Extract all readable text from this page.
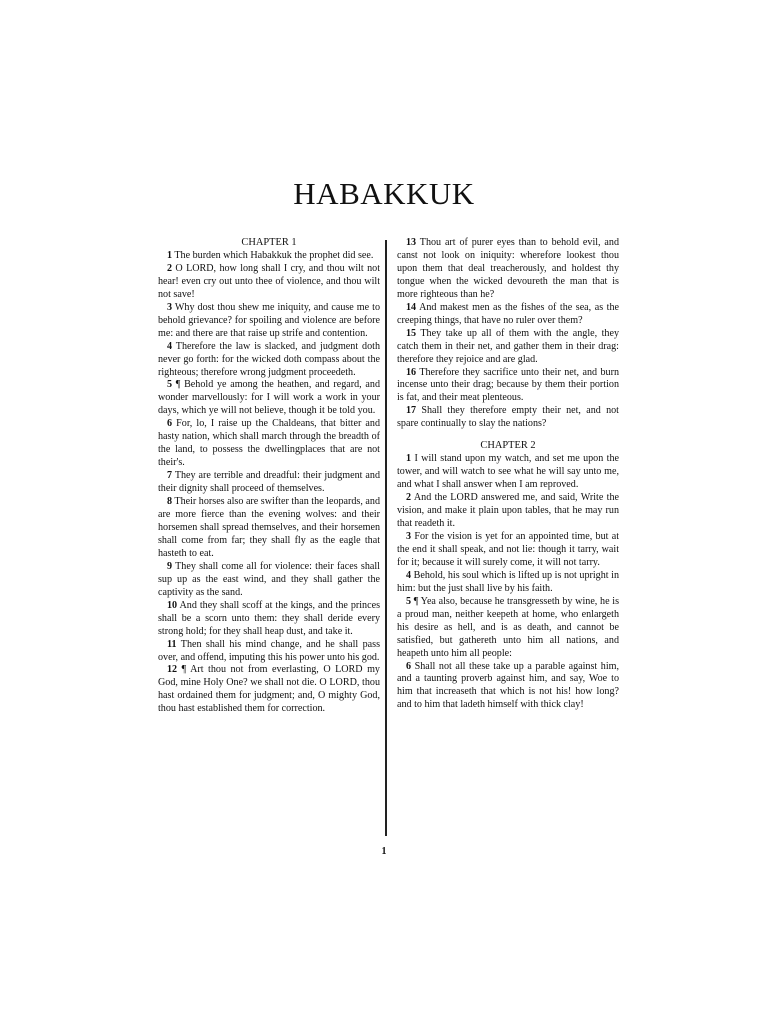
HABAKKUK

CHAPTER 1

1 The burden which Habakkuk the prophet did see.

2 O LORD, how long shall I cry, and thou wilt not hear! even cry out unto thee of violence, and thou wilt not save!

3 Why dost thou shew me iniquity, and cause me to behold grievance? for spoiling and violence are before me: and there are that raise up strife and contention.

4 Therefore the law is slacked, and judgment doth never go forth: for the wicked doth compass about the righteous; therefore wrong judgment proceedeth.

5 ¶ Behold ye among the heathen, and regard, and wonder marvellously: for I will work a work in your days, which ye will not believe, though it be told you.

6 For, lo, I raise up the Chaldeans, that bitter and hasty nation, which shall march through the breadth of the land, to possess the dwellingplaces that are not their's.

7 They are terrible and dreadful: their judgment and their dignity shall proceed of themselves.

8 Their horses also are swifter than the leopards, and are more fierce than the evening wolves: and their horsemen shall spread themselves, and their horsemen shall come from far; they shall fly as the eagle that hasteth to eat.

9 They shall come all for violence: their faces shall sup up as the east wind, and they shall gather the captivity as the sand.

10 And they shall scoff at the kings, and the princes shall be a scorn unto them: they shall deride every strong hold; for they shall heap dust, and take it.

11 Then shall his mind change, and he shall pass over, and offend, imputing this his power unto his god.

12 ¶ Art thou not from everlasting, O LORD my God, mine Holy One? we shall not die. O LORD, thou hast ordained them for judgment; and, O mighty God, thou hast established them for correction.

13 Thou art of purer eyes than to behold evil, and canst not look on iniquity: wherefore lookest thou upon them that deal treacherously, and holdest thy tongue when the wicked devoureth the man that is more righteous than he?

14 And makest men as the fishes of the sea, as the creeping things, that have no ruler over them?

15 They take up all of them with the angle, they catch them in their net, and gather them in their drag: therefore they rejoice and are glad.

16 Therefore they sacrifice unto their net, and burn incense unto their drag; because by them their portion is fat, and their meat plenteous.

17 Shall they therefore empty their net, and not spare continually to slay the nations?

CHAPTER 2

1 I will stand upon my watch, and set me upon the tower, and will watch to see what he will say unto me, and what I shall answer when I am reproved.

2 And the LORD answered me, and said, Write the vision, and make it plain upon tables, that he may run that readeth it.

3 For the vision is yet for an appointed time, but at the end it shall speak, and not lie: though it tarry, wait for it; because it will surely come, it will not tarry.

4 Behold, his soul which is lifted up is not upright in him: but the just shall live by his faith.

5 ¶ Yea also, because he transgresseth by wine, he is a proud man, neither keepeth at home, who enlargeth his desire as hell, and is as death, and cannot be satisfied, but gathereth unto him all nations, and heapeth unto him all people:

6 Shall not all these take up a parable against him, and a taunting proverb against him, and say, Woe to him that increaseth that which is not his! how long? and to him that ladeth himself with thick clay!

1
